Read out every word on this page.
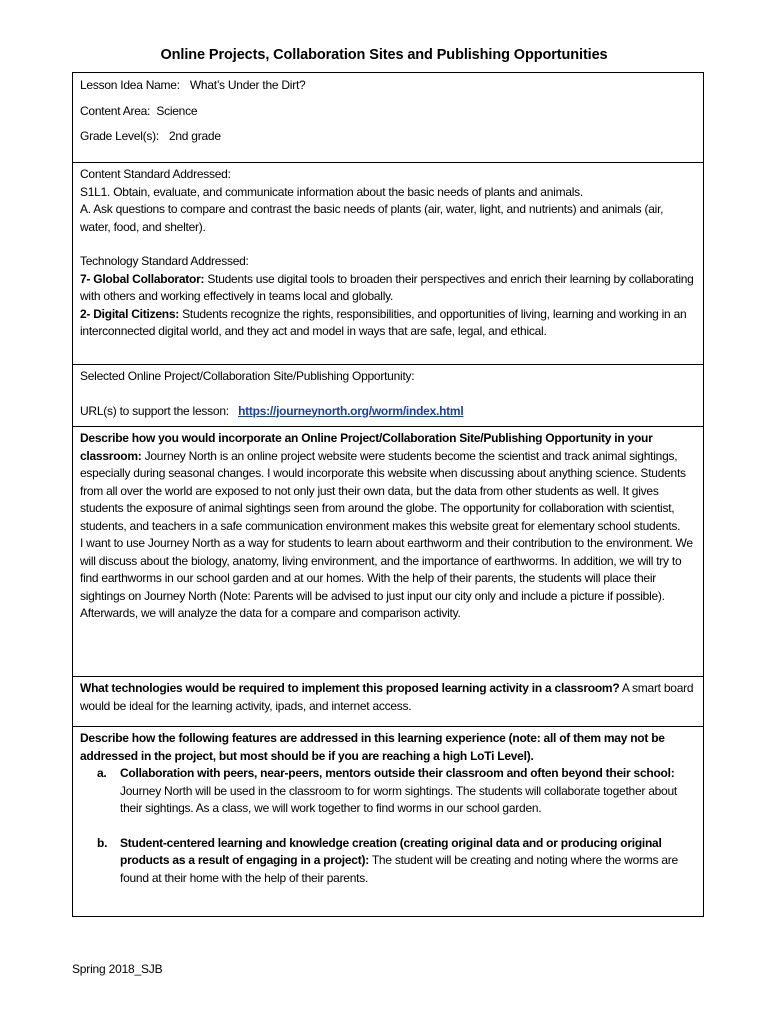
Online Projects, Collaboration Sites and Publishing Opportunities
Lesson Idea Name: What’s Under the Dirt?
Content Area: Science
Grade Level(s): 2nd grade

Content Standard Addressed:
S1L1. Obtain, evaluate, and communicate information about the basic needs of plants and animals.
A. Ask questions to compare and contrast the basic needs of plants (air, water, light, and nutrients) and animals (air, water, food, and shelter).
Technology Standard Addressed:
7- Global Collaborator: Students use digital tools to broaden their perspectives and enrich their learning by collaborating with others and working effectively in teams local and globally.
2- Digital Citizens: Students recognize the rights, responsibilities, and opportunities of living, learning and working in an interconnected digital world, and they act and model in ways that are safe, legal, and ethical.

Selected Online Project/Collaboration Site/Publishing Opportunity:
URL(s) to support the lesson: https://journeynorth.org/worm/index.html

Describe how you would incorporate an Online Project/Collaboration Site/Publishing Opportunity in your classroom: Journey North is an online project website were students become the scientist and track animal sightings, especially during seasonal changes. I would incorporate this website when discussing about anything science. Students from all over the world are exposed to not only just their own data, but the data from other students as well. It gives students the exposure of animal sightings seen from around the globe. The opportunity for collaboration with scientist, students, and teachers in a safe communication environment makes this website great for elementary school students.
I want to use Journey North as a way for students to learn about earthworm and their contribution to the environment. We will discuss about the biology, anatomy, living environment, and the importance of earthworms. In addition, we will try to find earthworms in our school garden and at our homes. With the help of their parents, the students will place their sightings on Journey North (Note: Parents will be advised to just input our city only and include a picture if possible). Afterwards, we will analyze the data for a compare and comparison activity.

What technologies would be required to implement this proposed learning activity in a classroom? A smart board would be ideal for the learning activity, ipads, and internet access.

Describe how the following features are addressed in this learning experience (note: all of them may not be addressed in the project, but most should be if you are reaching a high LoTi Level).
a. Collaboration with peers, near-peers, mentors outside their classroom and often beyond their school: Journey North will be used in the classroom to for worm sightings. The students will collaborate together about their sightings. As a class, we will work together to find worms in our school garden.
b. Student-centered learning and knowledge creation (creating original data and or producing original products as a result of engaging in a project): The student will be creating and noting where the worms are found at their home with the help of their parents.
Spring 2018_SJB
